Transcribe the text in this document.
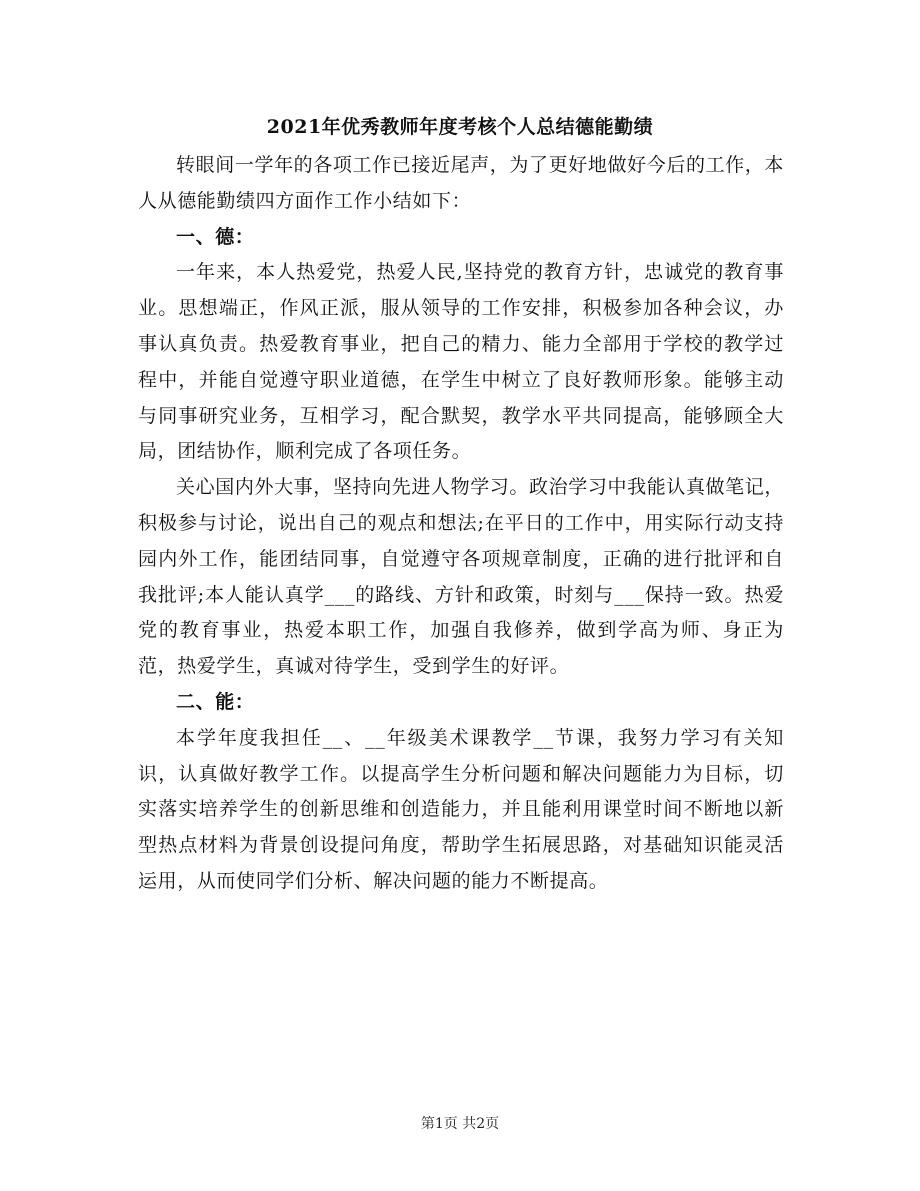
2021年优秀教师年度考核个人总结德能勤绩

转眼间一学年的各项工作已接近尾声，为了更好地做好今后的工作，本人从德能勤绩四方面作工作小结如下：

一、德：

一年来，本人热爱党，热爱人民,坚持党的教育方针，忠诚党的教育事业。思想端正，作风正派，服从领导的工作安排，积极参加各种会议，办事认真负责。热爱教育事业，把自己的精力、能力全部用于学校的教学过程中，并能自觉遵守职业道德，在学生中树立了良好教师形象。能够主动与同事研究业务，互相学习，配合默契，教学水平共同提高，能够顾全大局，团结协作，顺利完成了各项任务。

关心国内外大事，坚持向先进人物学习。政治学习中我能认真做笔记，积极参与讨论，说出自己的观点和想法;在平日的工作中，用实际行动支持园内外工作，能团结同事，自觉遵守各项规章制度，正确的进行批评和自我批评;本人能认真学___的路线、方针和政策，时刻与___保持一致。热爱党的教育事业，热爱本职工作，加强自我修养，做到学高为师、身正为范，热爱学生，真诚对待学生，受到学生的好评。

二、能：

本学年度我担任__、__年级美术课教学__节课，我努力学习有关知识，认真做好教学工作。以提高学生分析问题和解决问题能力为目标，切实落实培养学生的创新思维和创造能力，并且能利用课堂时间不断地以新型热点材料为背景创设提问角度，帮助学生拓展思路，对基础知识能灵活运用，从而使同学们分析、解决问题的能力不断提高。

第1页 共2页
